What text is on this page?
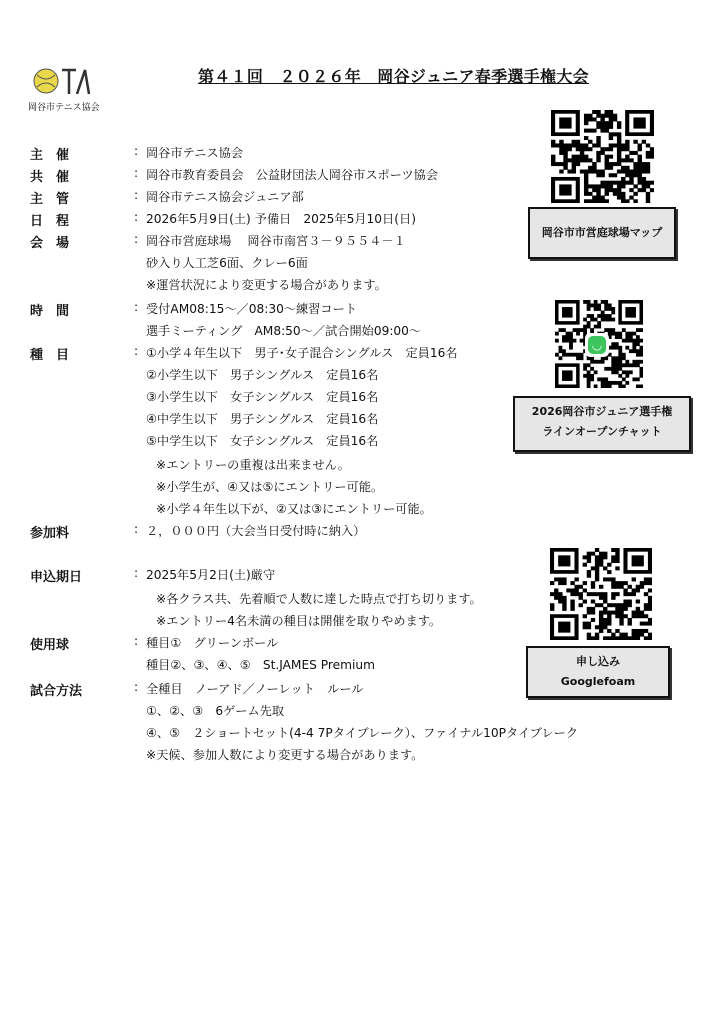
岡谷市テニス協会
第４１回　２０２６年　岡谷ジュニア春季選手権大会
主　催	: 岡谷市テニス協会
共　催	: 岡谷市教育委員会　公益財団法人岡谷市スポーツ協会
主　管	: 岡谷市テニス協会ジュニア部
日　程	: 2026年5月9日(土) 予備日　2025年5月10日(日)
会　場	: 岡谷市営庭球場　 岡谷市南宮３－９５５４－１
砂入り人工芝6面、クレー6面
※運営状況により変更する場合があります。
時　間	: 受付AM08:15～／08:30～練習コート
選手ミーティング　AM8:50～／試合開始09:00～
種　目	: ①小学４年生以下　男子･女子混合シングルス　定員16名
②小学生以下　男子シングルス　定員16名
③小学生以下　女子シングルス　定員16名
④中学生以下　男子シングルス　定員16名
⑤中学生以下　女子シングルス　定員16名
※エントリーの重複は出来ません。
※小学生が、④又は⑤にエントリー可能。
※小学４年生以下が、②又は③にエントリー可能。
参加料	: ２，０００円（大会当日受付時に納入）
申込期日	: 2025年5月2日(土)厳守
※各クラス共、先着順で人数に達した時点で打ち切ります。
※エントリー4名未満の種目は開催を取りやめます。
使用球	: 種目①　グリーンボール
種目②、③、④、⑤　St.JAMES Premium
試合方法	: 全種目　ノーアド／ノーレット　ルール
①、②、③　6ゲーム先取
④、⑤　２ショートセット(4-4 7Pタイブレーク）、ファイナル10Pタイブレーク
※天候、参加人数により変更する場合があります。
岡谷市市営庭球場マップ
◡
2026岡谷市ジュニア選手権
ラインオープンチャット
申し込み
Googlefoam
